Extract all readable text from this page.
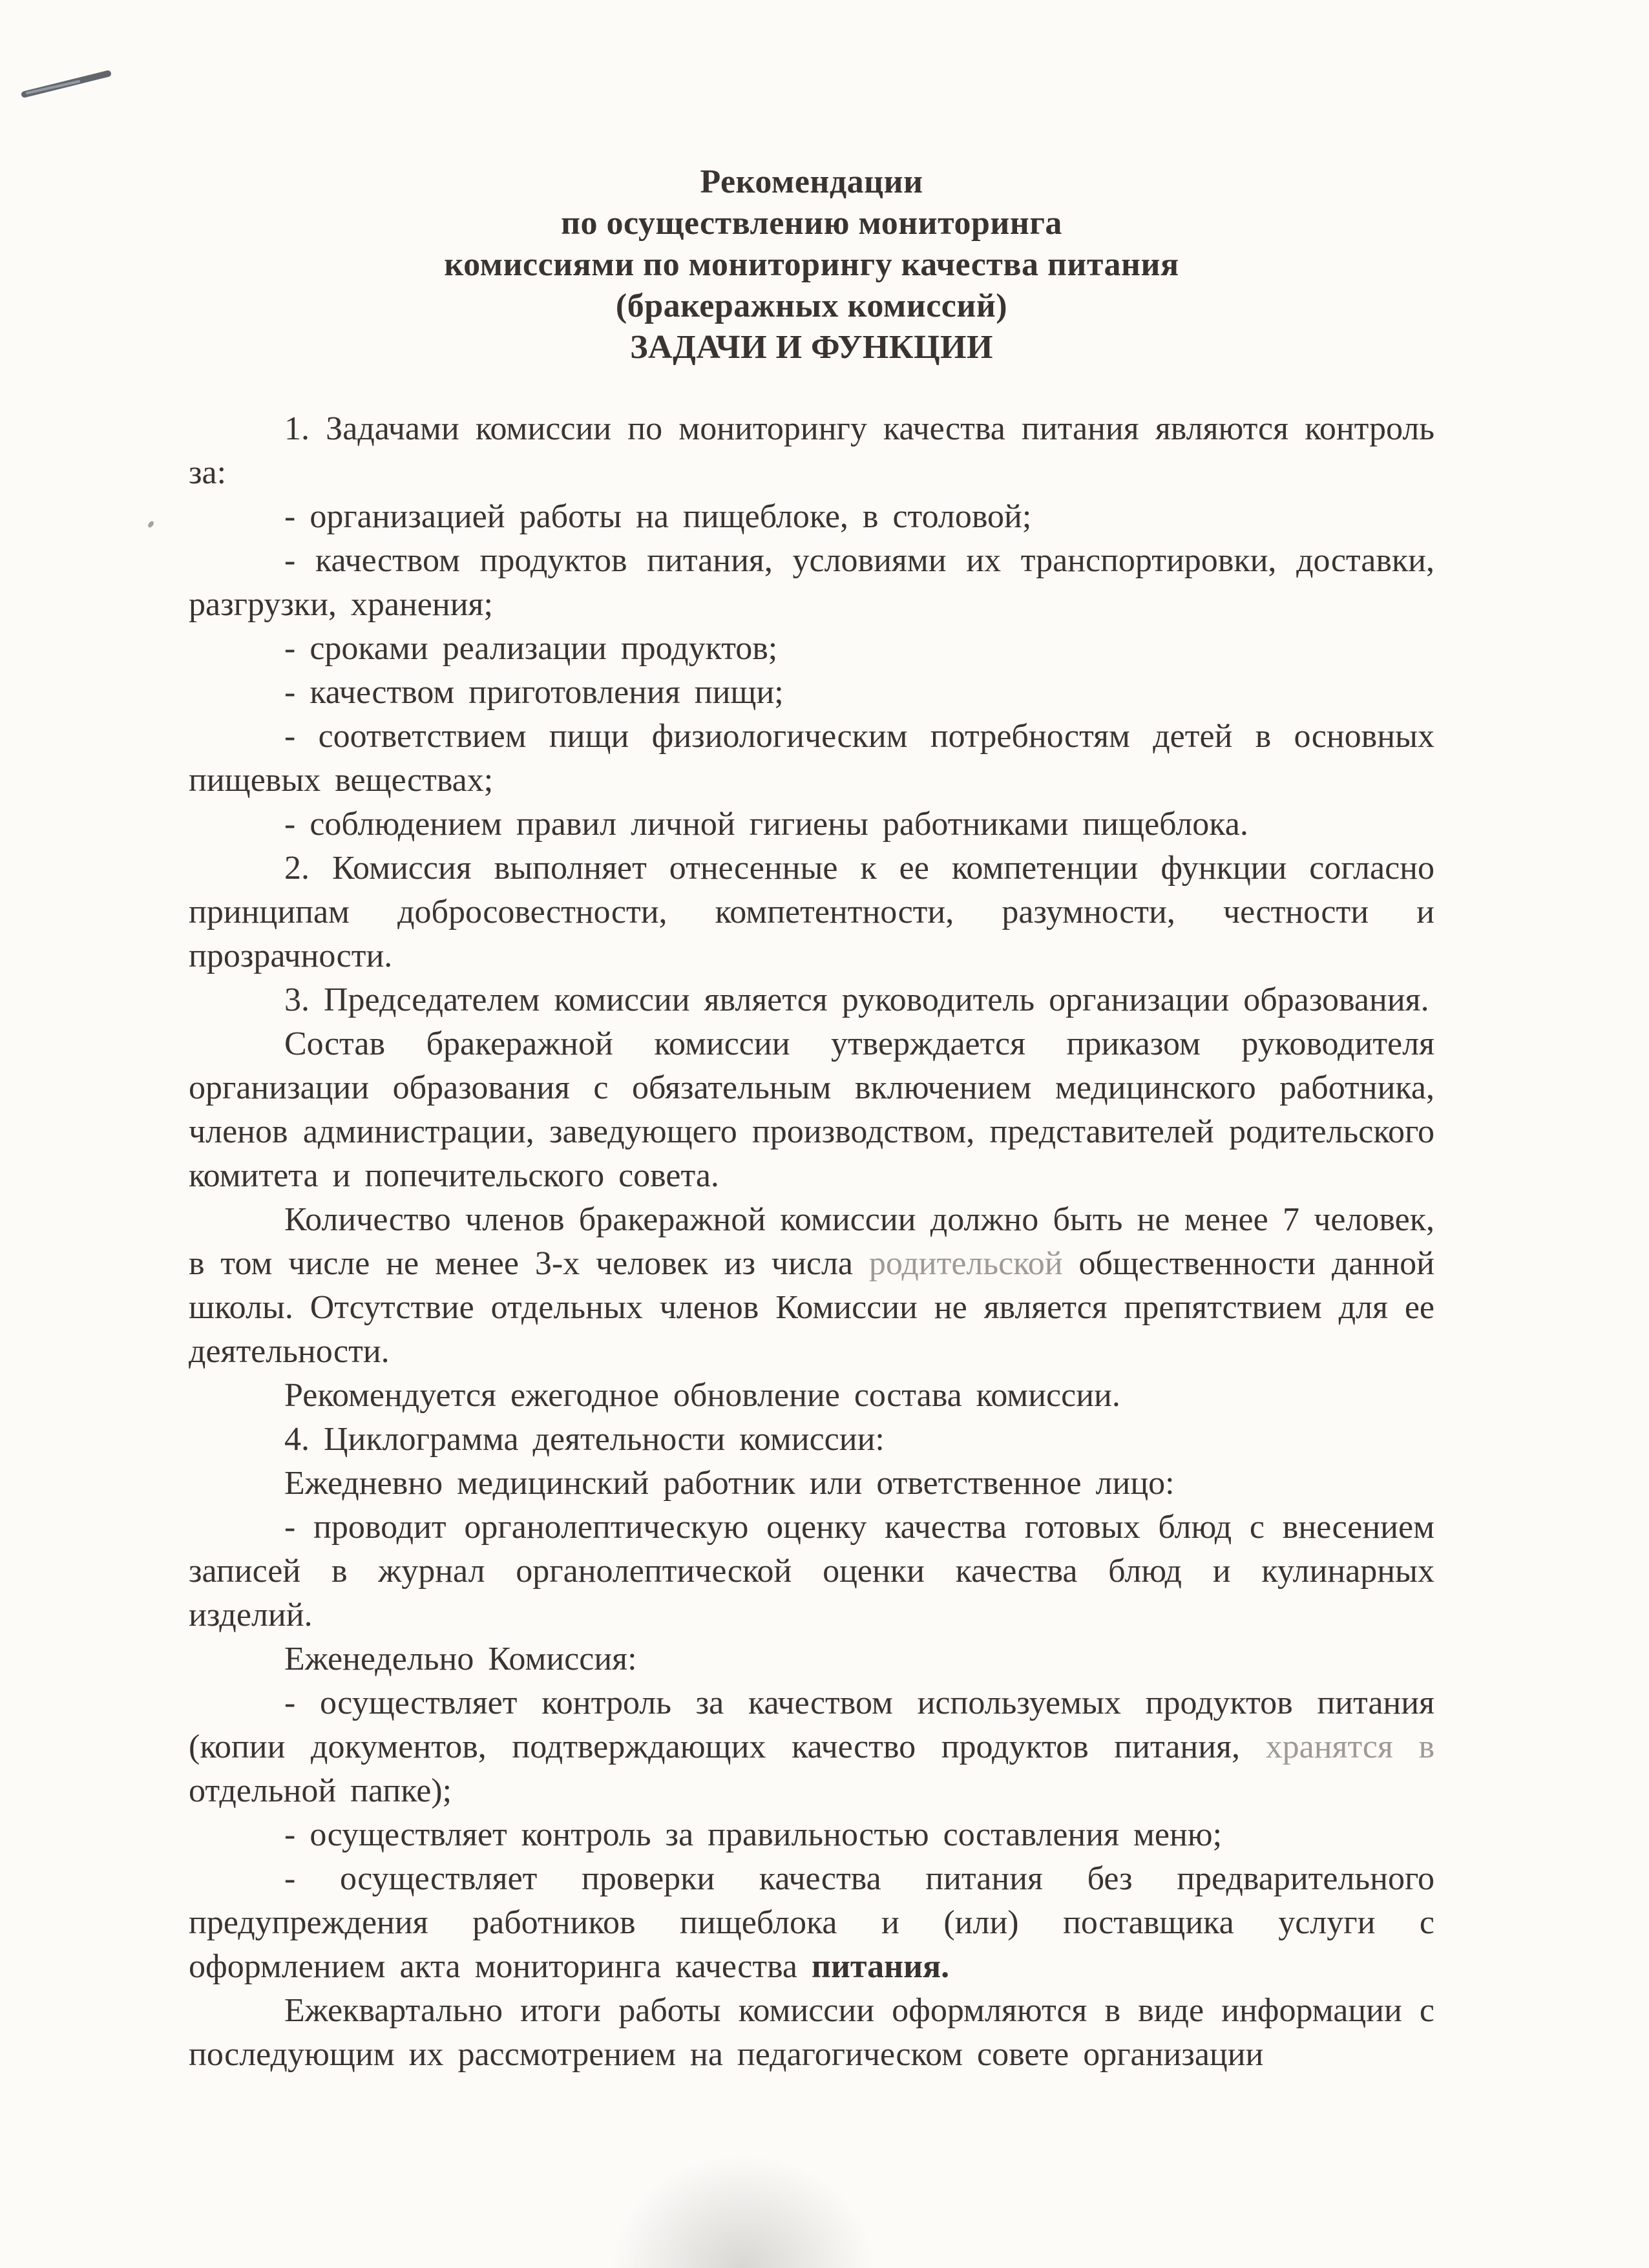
Рекомендации
по осуществлению мониторинга
комиссиями по мониторингу качества питания
(бракеражных комиссий)
ЗАДАЧИ И ФУНКЦИИ

1. Задачами комиссии по мониторингу качества питания являются контроль за:

- организацией работы на пищеблоке, в столовой;

- качеством продуктов питания, условиями их транспортировки, доставки, разгрузки, хранения;

- сроками реализации продуктов;

- качеством приготовления пищи;

- соответствием пищи физиологическим потребностям детей в основных пищевых веществах;

- соблюдением правил личной гигиены работниками пищеблока.

2. Комиссия выполняет отнесенные к ее компетенции функции согласно принципам добросовестности, компетентности, разумности, честности и прозрачности.

3. Председателем комиссии является руководитель организации образования.

Состав бракеражной комиссии утверждается приказом руководителя организации образования с обязательным включением медицинского работника, членов администрации, заведующего производством, представителей родительского комитета и попечительского совета.

Количество членов бракеражной комиссии должно быть не менее 7 человек, в том числе не менее 3-х человек из числа родительской общественности данной школы. Отсутствие отдельных членов Комиссии не является препятствием для ее деятельности.

Рекомендуется ежегодное обновление состава комиссии.

4. Циклограмма деятельности комиссии:

Ежедневно медицинский работник или ответственное лицо:

- проводит органолептическую оценку качества готовых блюд с внесением записей в журнал органолептической оценки качества блюд и кулинарных изделий.

Еженедельно Комиссия:

- осуществляет контроль за качеством используемых продуктов питания (копии документов, подтверждающих качество продуктов питания, хранятся в отдельной папке);

- осуществляет контроль за правильностью составления меню;

- осуществляет проверки качества питания без предварительного предупреждения работников пищеблока и (или) поставщика услуги с оформлением акта мониторинга качества питания.

Ежеквартально итоги работы комиссии оформляются в виде информации с последующим их рассмотрением на педагогическом совете организации
